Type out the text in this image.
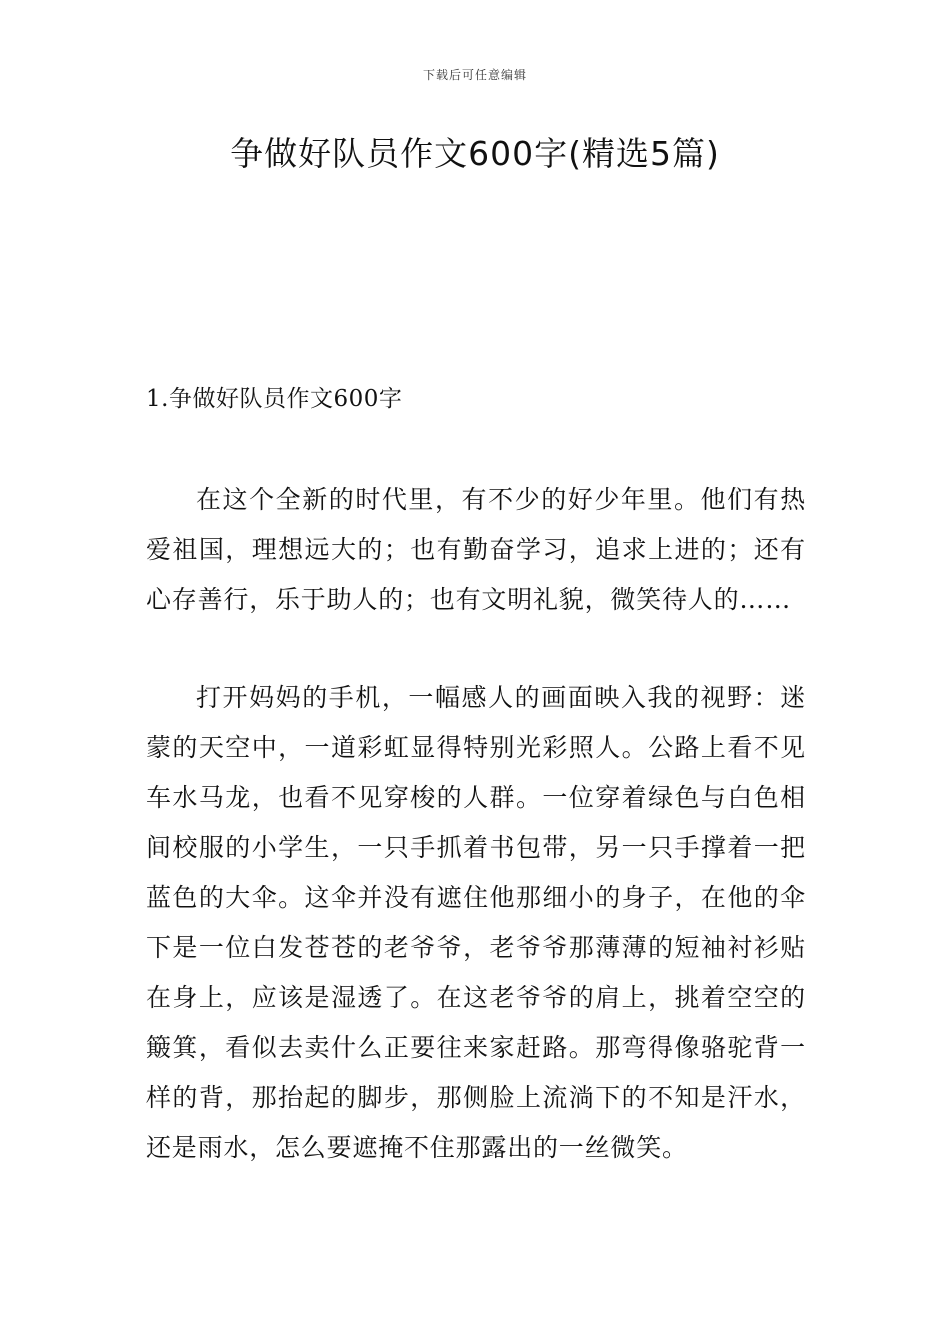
下载后可任意编辑
争做好队员作文600字(精选5篇)
1.争做好队员作文600字

在这个全新的时代里，有不少的好少年里。他们有热爱祖国，理想远大的；也有勤奋学习，追求上进的；还有心存善行，乐于助人的；也有文明礼貌，微笑待人的……

打开妈妈的手机，一幅感人的画面映入我的视野：迷蒙的天空中，一道彩虹显得特别光彩照人。公路上看不见车水马龙，也看不见穿梭的人群。一位穿着绿色与白色相间校服的小学生，一只手抓着书包带，另一只手撑着一把蓝色的大伞。这伞并没有遮住他那细小的身子，在他的伞下是一位白发苍苍的老爷爷，老爷爷那薄薄的短袖衬衫贴在身上，应该是湿透了。在这老爷爷的肩上，挑着空空的簸箕，看似去卖什么正要往来家赶路。那弯得像骆驼背一样的背，那抬起的脚步，那侧脸上流淌下的不知是汗水，还是雨水，怎么要遮掩不住那露出的一丝微笑。
